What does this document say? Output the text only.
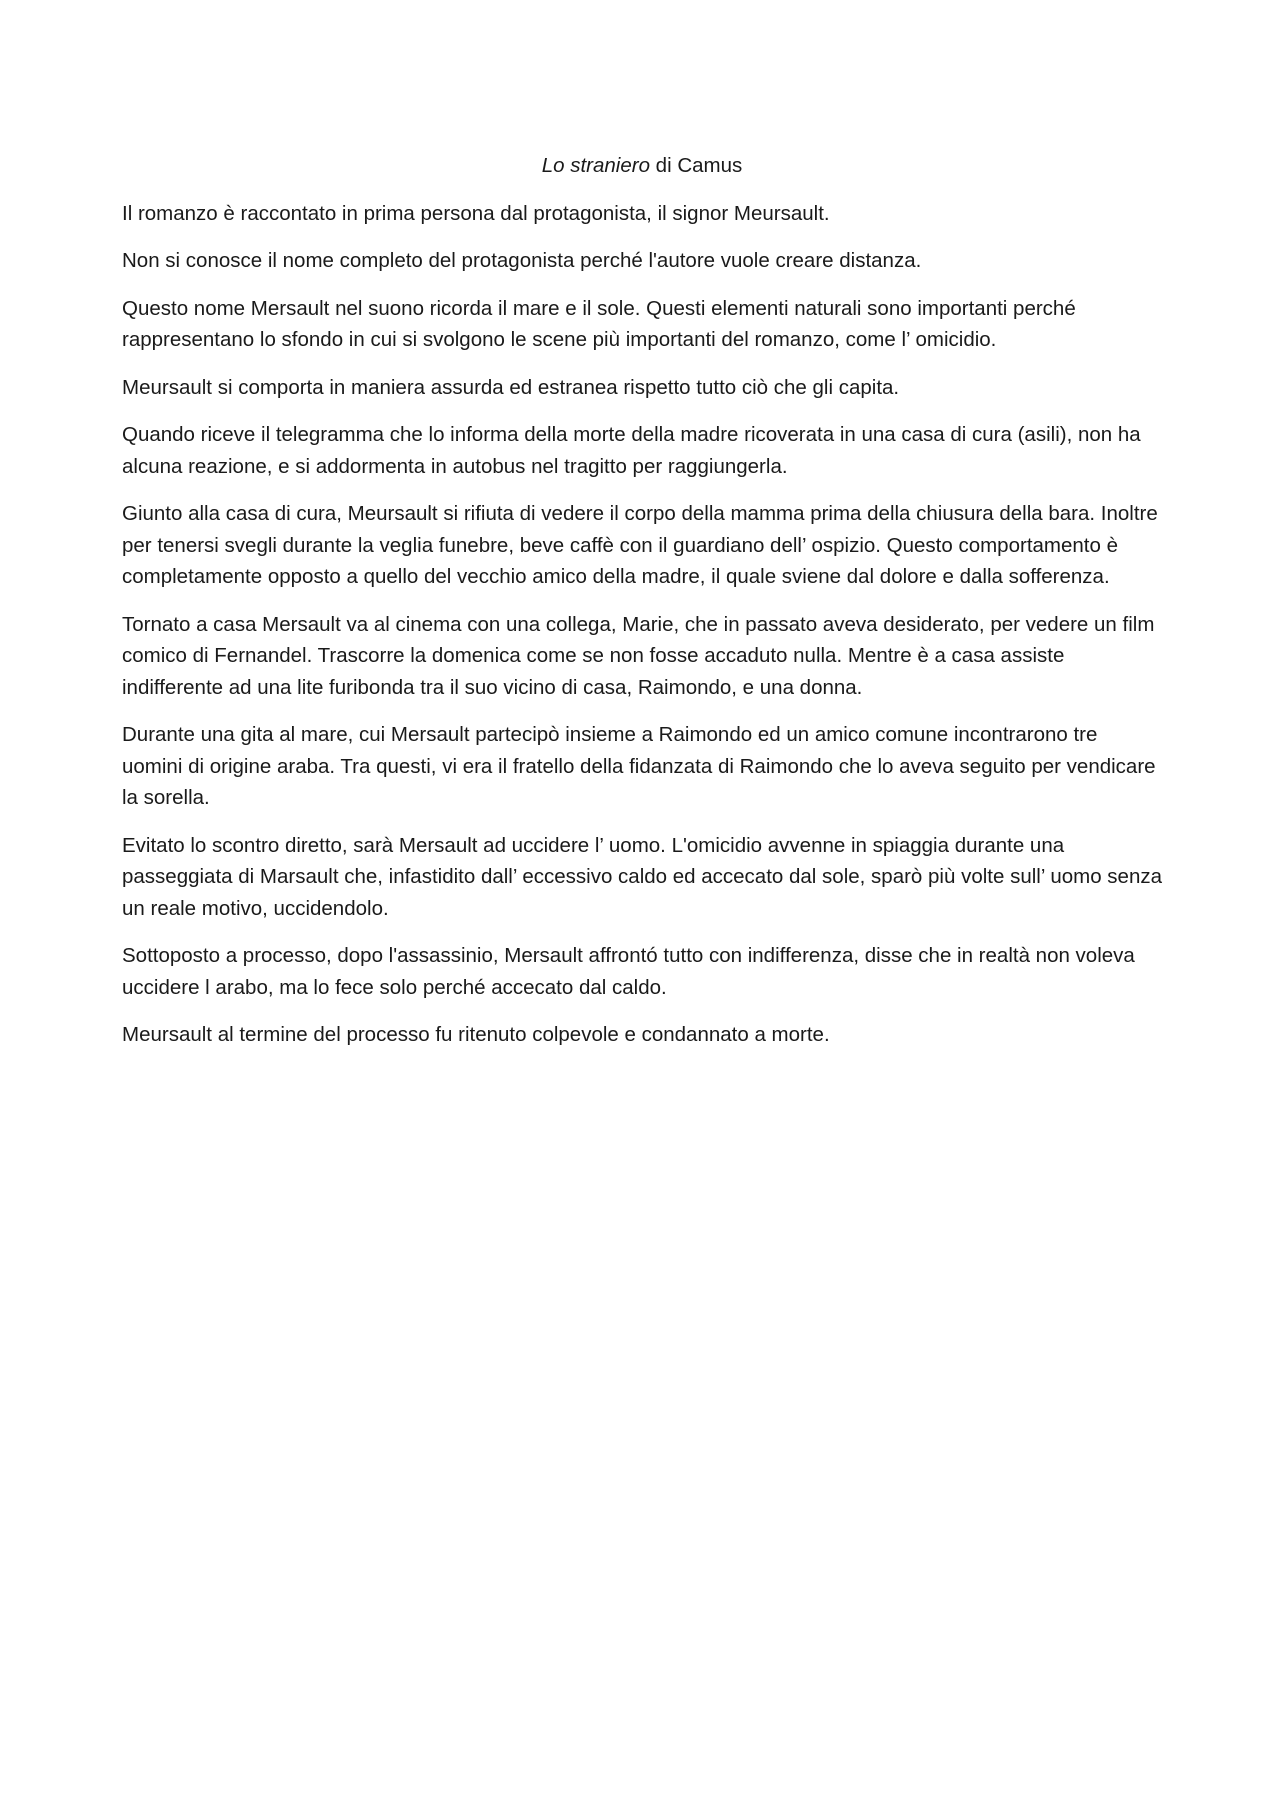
Lo straniero di Camus

Il romanzo è raccontato in prima persona dal protagonista, il signor Meursault.

Non si conosce il nome completo del protagonista perché l'autore vuole creare distanza.

Questo nome Mersault nel suono ricorda il mare e il sole. Questi elementi naturali sono importanti perché rappresentano lo sfondo in cui si svolgono le scene più importanti del romanzo, come l’ omicidio.

Meursault si comporta in maniera assurda ed estranea rispetto tutto ciò che gli capita.

Quando riceve il telegramma che lo informa della morte della madre ricoverata in una casa di cura (asili), non ha alcuna reazione, e si addormenta in autobus nel tragitto per raggiungerla.

Giunto alla casa di cura, Meursault si rifiuta di vedere il corpo della mamma prima della chiusura della bara. Inoltre per tenersi svegli durante la veglia funebre, beve caffè con il guardiano dell’ ospizio. Questo comportamento è completamente opposto a quello del vecchio amico della madre, il quale sviene dal dolore e dalla sofferenza.

Tornato a casa Mersault va al cinema con una collega, Marie, che in passato aveva desiderato, per vedere un film comico di Fernandel. Trascorre la domenica come se non fosse accaduto nulla. Mentre è a casa assiste indifferente ad una lite furibonda tra il suo vicino di casa, Raimondo, e una donna.

Durante una gita al mare, cui Mersault partecipò insieme a Raimondo ed un amico comune incontrarono tre uomini di origine araba. Tra questi, vi era il fratello della fidanzata di Raimondo che lo aveva seguito per vendicare la sorella.

Evitato lo scontro diretto, sarà Mersault ad uccidere l’ uomo. L'omicidio avvenne in spiaggia durante una passeggiata di Marsault che, infastidito dall’ eccessivo caldo ed accecato dal sole, sparò più volte sull’ uomo senza un reale motivo, uccidendolo.

Sottoposto a processo, dopo l'assassinio, Mersault affrontó tutto con indifferenza, disse che in realtà non voleva uccidere l arabo, ma lo fece solo perché accecato dal caldo.

Meursault al termine del processo fu ritenuto colpevole e condannato a morte.
